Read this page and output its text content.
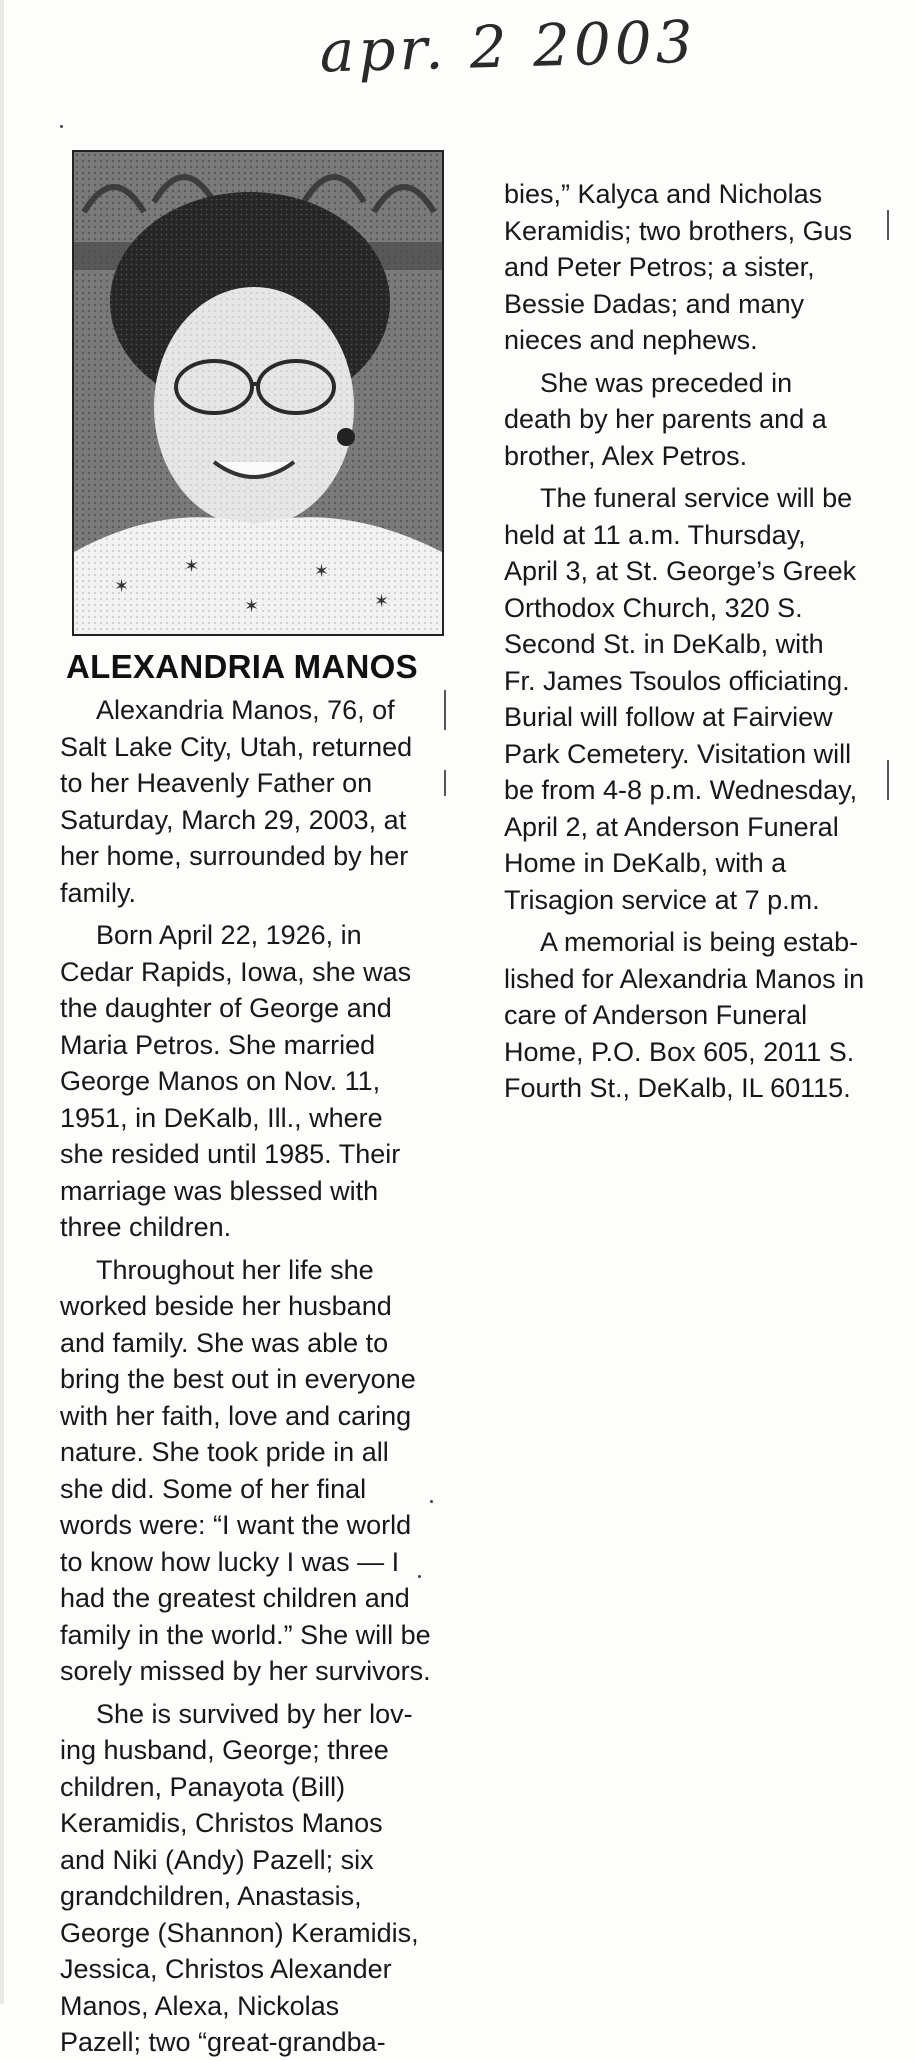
apr. 2 2003
✶
✶
✶
✶
✶
ALEXANDRIA MANOS

Alexandria Manos, 76, of
Salt Lake City, Utah, returned
to her Heavenly Father on
Saturday, March 29, 2003, at
her home, surrounded by her
family.

Born April 22, 1926, in
Cedar Rapids, Iowa, she was
the daughter of George and
Maria Petros. She married
George Manos on Nov. 11,
1951, in DeKalb, Ill., where
she resided until 1985. Their
marriage was blessed with
three children.

Throughout her life she
worked beside her husband
and family. She was able to
bring the best out in everyone
with her faith, love and caring
nature. She took pride in all
she did. Some of her final
words were: “I want the world
to know how lucky I was — I
had the greatest children and
family in the world.” She will be
sorely missed by her survivors.

She is survived by her lov-
ing husband, George; three
children, Panayota (Bill)
Keramidis, Christos Manos
and Niki (Andy) Pazell; six
grandchildren, Anastasis,
George (Shannon) Keramidis,
Jessica, Christos Alexander
Manos, Alexa, Nickolas
Pazell; two “great-grandba-

bies,” Kalyca and Nicholas
Keramidis; two brothers, Gus
and Peter Petros; a sister,
Bessie Dadas; and many
nieces and nephews.

She was preceded in
death by her parents and a
brother, Alex Petros.

The funeral service will be
held at 11 a.m. Thursday,
April 3, at St. George’s Greek
Orthodox Church, 320 S.
Second St. in DeKalb, with
Fr. James Tsoulos officiating.
Burial will follow at Fairview
Park Cemetery. Visitation will
be from 4-8 p.m. Wednesday,
April 2, at Anderson Funeral
Home in DeKalb, with a
Trisagion service at 7 p.m.

A memorial is being estab-
lished for Alexandria Manos in
care of Anderson Funeral
Home, P.O. Box 605, 2011 S.
Fourth St., DeKalb, IL 60115.
